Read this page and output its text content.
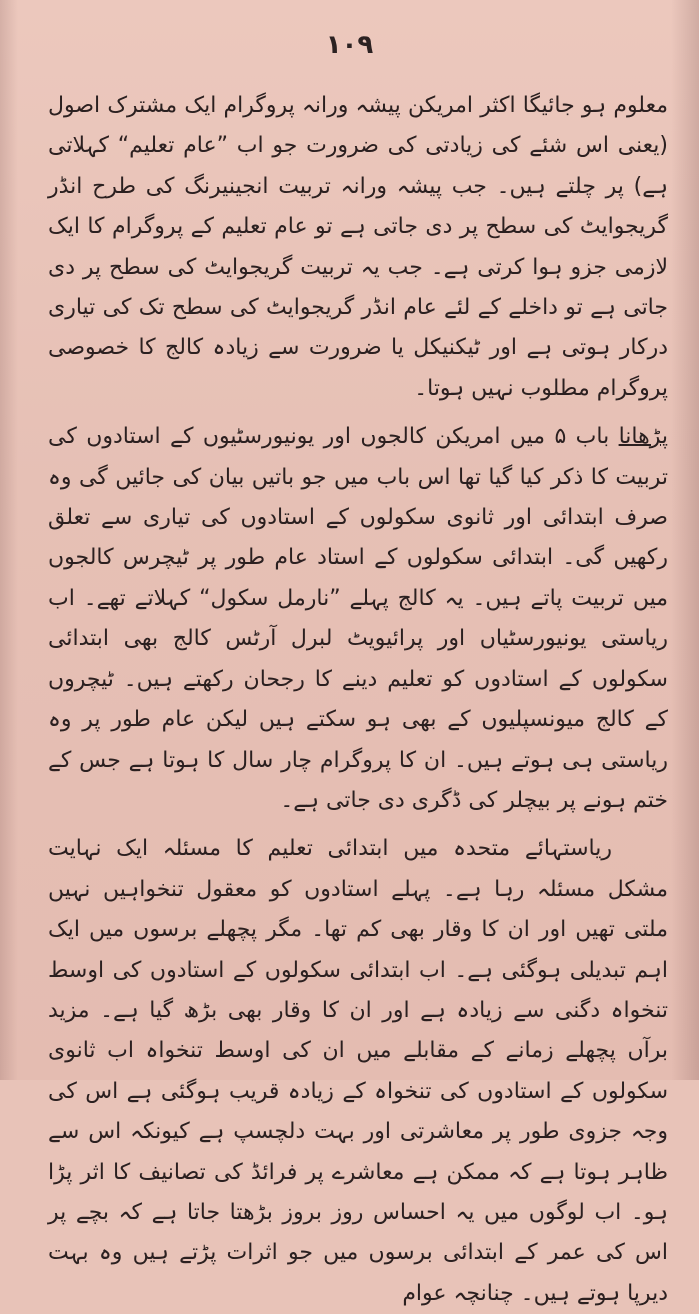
۱۰۹

معلوم ہو جائیگا اکثر امریکن پیشہ ورانہ پروگرام ایک مشترک اصول (یعنی اس شئے کی زیادتی کی ضرورت جو اب ”عام تعلیم“ کہلاتی ہے) پر چلتے ہیں۔ جب پیشہ ورانہ تربیت انجینیرنگ کی طرح انڈر گریجوایٹ کی سطح پر دی جاتی ہے تو عام تعلیم کے پروگرام کا ایک لازمی جزو ہوا کرتی ہے۔ جب یہ تربیت گریجوایٹ کی سطح پر دی جاتی ہے تو داخلے کے لئے عام انڈر گریجوایٹ کی سطح تک کی تیاری درکار ہوتی ہے اور ٹیکنیکل یا ضرورت سے زیادہ کالج کا خصوصی پروگرام مطلوب نہیں ہوتا۔

پڑھانا باب ۵ میں امریکن کالجوں اور یونیورسٹیوں کے استادوں کی تربیت کا ذکر کیا گیا تھا اس باب میں جو باتیں بیان کی جائیں گی وہ صرف ابتدائی اور ثانوی سکولوں کے استادوں کی تیاری سے تعلق رکھیں گی۔ ابتدائی سکولوں کے استاد عام طور پر ٹیچرس کالجوں میں تربیت پاتے ہیں۔ یہ کالج پہلے ”نارمل سکول“ کہلاتے تھے۔ اب ریاستی یونیورسٹیاں اور پرائیویٹ لبرل آرٹس کالج بھی ابتدائی سکولوں کے استادوں کو تعلیم دینے کا رجحان رکھتے ہیں۔ ٹیچروں کے کالج میونسپلیوں کے بھی ہو سکتے ہیں لیکن عام طور پر وہ ریاستی ہی ہوتے ہیں۔ ان کا پروگرام چار سال کا ہوتا ہے جس کے ختم ہونے پر بیچلر کی ڈگری دی جاتی ہے۔

ریاستہائے متحدہ میں ابتدائی تعلیم کا مسئلہ ایک نہایت مشکل مسئلہ رہا ہے۔ پہلے استادوں کو معقول تنخواہیں نہیں ملتی تھیں اور ان کا وقار بھی کم تھا۔ مگر پچھلے برسوں میں ایک اہم تبدیلی ہوگئی ہے۔ اب ابتدائی سکولوں کے استادوں کی اوسط تنخواہ دگنی سے زیادہ ہے اور ان کا وقار بھی بڑھ گیا ہے۔ مزید برآں پچھلے زمانے کے مقابلے میں ان کی اوسط تنخواہ اب ثانوی سکولوں کے استادوں کی تنخواہ کے زیادہ قریب ہوگئی ہے اس کی وجہ جزوی طور پر معاشرتی اور بہت دلچسپ ہے کیونکہ اس سے ظاہر ہوتا ہے کہ ممکن ہے معاشرے پر فرائڈ کی تصانیف کا اثر پڑا ہو۔ اب لوگوں میں یہ احساس روز بروز بڑھتا جاتا ہے کہ بچے پر اس کی عمر کے ابتدائی برسوں میں جو اثرات پڑتے ہیں وہ بہت دیرپا ہوتے ہیں۔ چنانچہ عوام
